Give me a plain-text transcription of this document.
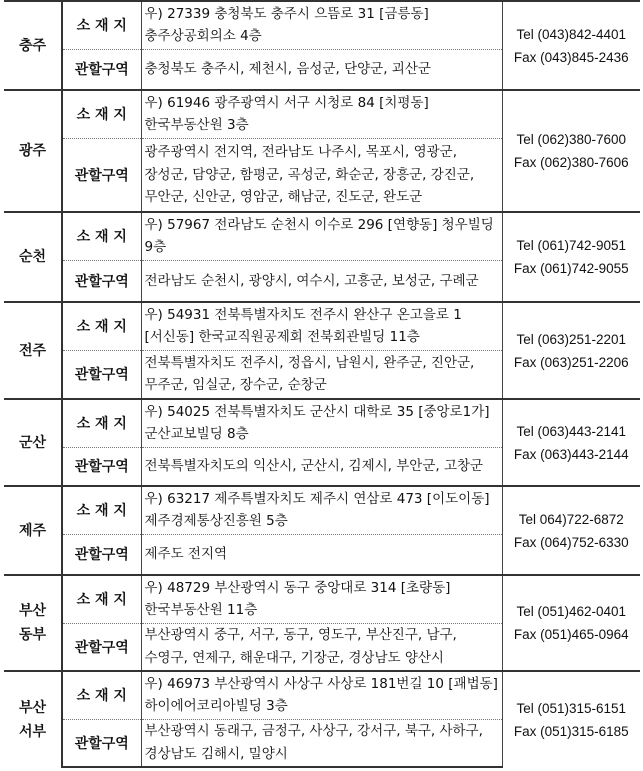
충주	소 재 지	우) 27339 충청북도 충주시 으뜸로 31 [금릉동] 충주상공회의소 4층	Tel (043)842-4401
Fax (043)845-2436

	관할구역	충청북도 충주시, 제천시, 음성군, 단양군, 괴산군	

광주	소 재 지	우) 61946 광주광역시 서구 시청로 84 [치평동] 한국부동산원 3층	Tel (062)380-7600
Fax (062)380-7606

	관할구역	광주광역시 전지역, 전라남도 나주시, 목포시, 영광군, 장성군, 담양군, 함평군, 곡성군, 화순군, 장흥군, 강진군, 무안군, 신안군, 영암군, 해남군, 진도군, 완도군	

순천	소 재 지	우) 57967 전라남도 순천시 이수로 296 [연향동] 청우빌딩 9층	Tel (061)742-9051
Fax (061)742-9055

	관할구역	전라남도 순천시, 광양시, 여수시, 고흥군, 보성군, 구례군	

전주	소 재 지	우) 54931 전북특별자치도 전주시 완산구 온고을로 1 [서신동] 한국교직원공제회 전북회관빌딩 11층	Tel (063)251-2201
Fax (063)251-2206

	관할구역	전북특별자치도 전주시, 정읍시, 남원시, 완주군, 진안군, 무주군, 임실군, 장수군, 순창군	

군산	소 재 지	우) 54025 전북특별자치도 군산시 대학로 35 [중앙로1가] 군산교보빌딩 8층	Tel (063)443-2141
Fax (063)443-2144

	관할구역	전북특별자치도의 익산시, 군산시, 김제시, 부안군, 고창군	

제주	소 재 지	우) 63217 제주특별자치도 제주시 연삼로 473 [이도이동] 제주경제통상진흥원 5층	Tel 064)722-6872
Fax (064)752-6330

	관할구역	제주도 전지역	

부산
동부	소 재 지	우) 48729 부산광역시 동구 중앙대로 314 [초량동] 한국부동산원 11층	Tel (051)462-0401
Fax (051)465-0964

	관할구역	부산광역시 중구, 서구, 동구, 영도구, 부산진구, 남구, 수영구, 연제구, 해운대구, 기장군, 경상남도 양산시	

부산
서부	소 재 지	우) 46973 부산광역시 사상구 사상로 181번길 10 [괘법동] 하이에어코리아빌딩 3층	Tel (051)315-6151
Fax (051)315-6185

	관할구역	부산광역시 동래구, 금정구, 사상구, 강서구, 북구, 사하구, 경상남도 김해시, 밀양시	
